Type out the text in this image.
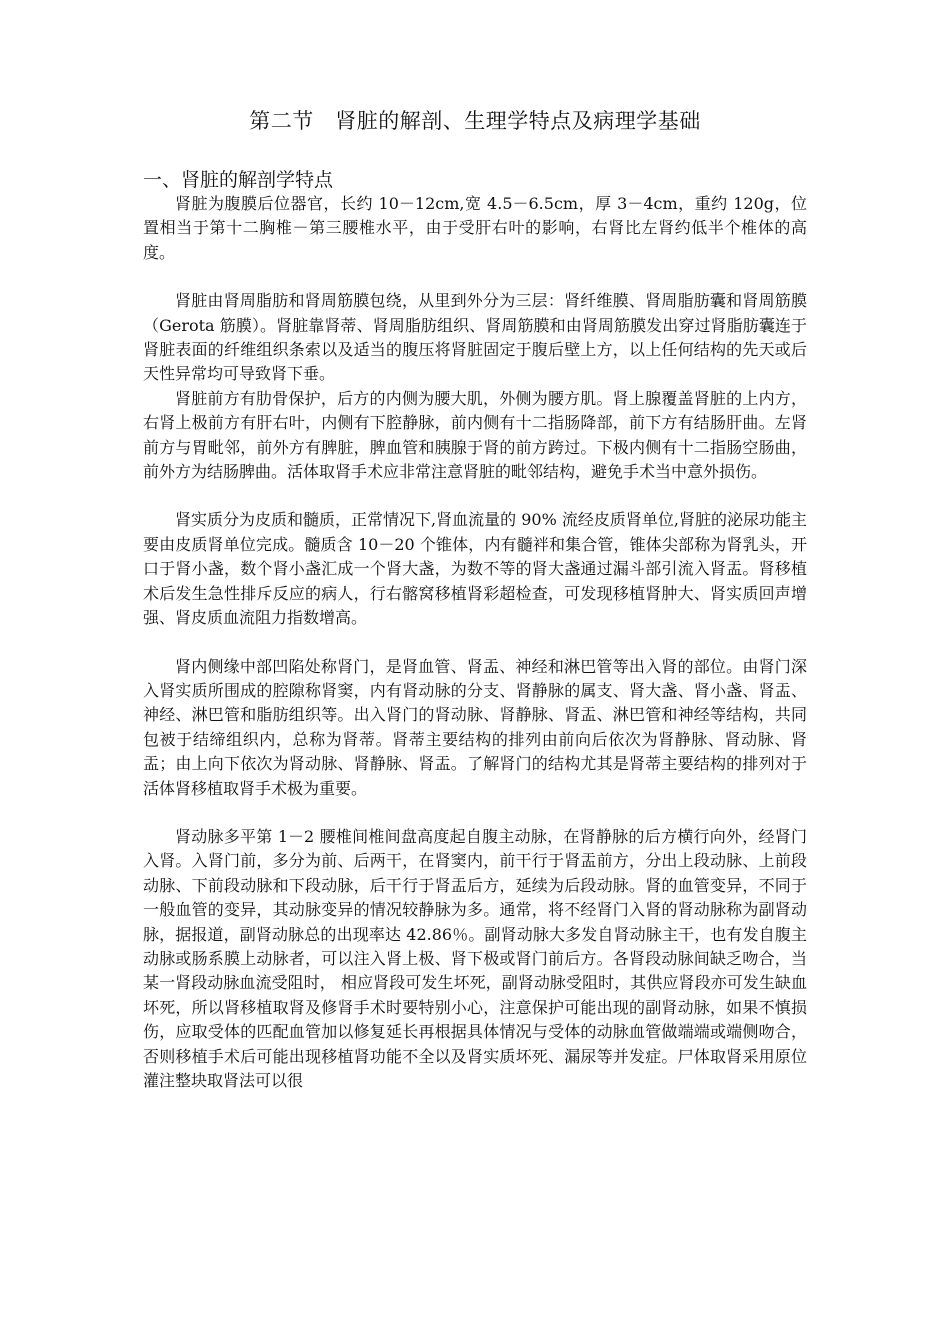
第二节　肾脏的解剖、生理学特点及病理学基础
一、肾脏的解剖学特点

肾脏为腹膜后位器官，长约 10－12cm,宽 4.5－6.5cm，厚 3－4cm，重约 120g，位置相当于第十二胸椎－第三腰椎水平，由于受肝右叶的影响，右肾比左肾约低半个椎体的高度。

肾脏由肾周脂肪和肾周筋膜包绕，从里到外分为三层：肾纤维膜、肾周脂肪囊和肾周筋膜（Gerota 筋膜）。肾脏靠肾蒂、肾周脂肪组织、肾周筋膜和由肾周筋膜发出穿过肾脂肪囊连于肾脏表面的纤维组织条索以及适当的腹压将肾脏固定于腹后壁上方，以上任何结构的先天或后天性异常均可导致肾下垂。

肾脏前方有肋骨保护，后方的内侧为腰大肌，外侧为腰方肌。肾上腺覆盖肾脏的上内方，右肾上极前方有肝右叶，内侧有下腔静脉，前内侧有十二指肠降部，前下方有结肠肝曲。左肾前方与胃毗邻，前外方有脾脏，脾血管和胰腺于肾的前方跨过。下极内侧有十二指肠空肠曲，前外方为结肠脾曲。活体取肾手术应非常注意肾脏的毗邻结构，避免手术当中意外损伤。

肾实质分为皮质和髓质，正常情况下,肾血流量的 90% 流经皮质肾单位,肾脏的泌尿功能主要由皮质肾单位完成。髓质含 10－20 个锥体，内有髓袢和集合管，锥体尖部称为肾乳头，开口于肾小盏，数个肾小盏汇成一个肾大盏，为数不等的肾大盏通过漏斗部引流入肾盂。肾移植术后发生急性排斥反应的病人，行右髂窝移植肾彩超检查，可发现移植肾肿大、肾实质回声增强、肾皮质血流阻力指数增高。

肾内侧缘中部凹陷处称肾门，是肾血管、肾盂、神经和淋巴管等出入肾的部位。由肾门深入肾实质所围成的腔隙称肾窦，内有肾动脉的分支、肾静脉的属支、肾大盏、肾小盏、肾盂、神经、淋巴管和脂肪组织等。出入肾门的肾动脉、肾静脉、肾盂、淋巴管和神经等结构，共同包被于结缔组织内，总称为肾蒂。肾蒂主要结构的排列由前向后依次为肾静脉、肾动脉、肾盂；由上向下依次为肾动脉、肾静脉、肾盂。了解肾门的结构尤其是肾蒂主要结构的排列对于活体肾移植取肾手术极为重要。

肾动脉多平第 1－2 腰椎间椎间盘高度起自腹主动脉，在肾静脉的后方横行向外，经肾门入肾。入肾门前，多分为前、后两干，在肾窦内，前干行于肾盂前方，分出上段动脉、上前段动脉、下前段动脉和下段动脉，后干行于肾盂后方，延续为后段动脉。肾的血管变异，不同于一般血管的变异，其动脉变异的情况较静脉为多。通常，将不经肾门入肾的肾动脉称为副肾动脉，据报道，副肾动脉总的出现率达 42.86％。副肾动脉大多发自肾动脉主干，也有发自腹主动脉或肠系膜上动脉者，可以注入肾上极、肾下极或肾门前后方。各肾段动脉间缺乏吻合，当某一肾段动脉血流受阻时， 相应肾段可发生坏死，副肾动脉受阻时，其供应肾段亦可发生缺血坏死，所以肾移植取肾及修肾手术时要特别小心，注意保护可能出现的副肾动脉，如果不慎损伤，应取受体的匹配血管加以修复延长再根据具体情况与受体的动脉血管做端端或端侧吻合，否则移植手术后可能出现移植肾功能不全以及肾实质坏死、漏尿等并发症。尸体取肾采用原位灌注整块取肾法可以很
